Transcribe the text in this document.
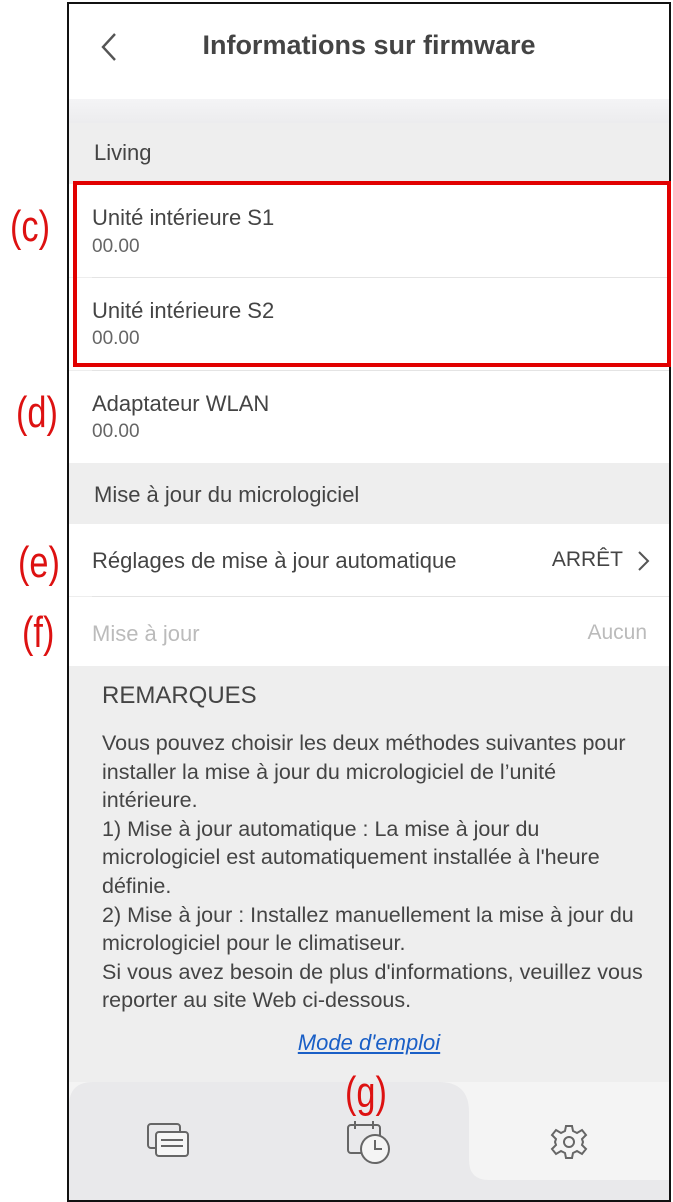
Informations sur firmware
Living
Unité intérieure S1
00.00
Unité intérieure S2
00.00
Adaptateur WLAN
00.00
Mise à jour du micrologiciel
Réglages de mise à jour automatique	ARRÊT
Mise à jour	Aucun
REMARQUES

Vous pouvez choisir les deux méthodes suivantes pour installer la mise à jour du micrologiciel de l’unité intérieure.

1) Mise à jour automatique : La mise à jour du micrologiciel est automatiquement installée à l'heure définie.

2) Mise à jour : Installez manuellement la mise à jour du micrologiciel pour le climatiseur.

Si vous avez besoin de plus d'informations, veuillez vous reporter au site Web ci-dessous.

Mode d'emploi
(c)
(d)
(e)
(f)
(g)
